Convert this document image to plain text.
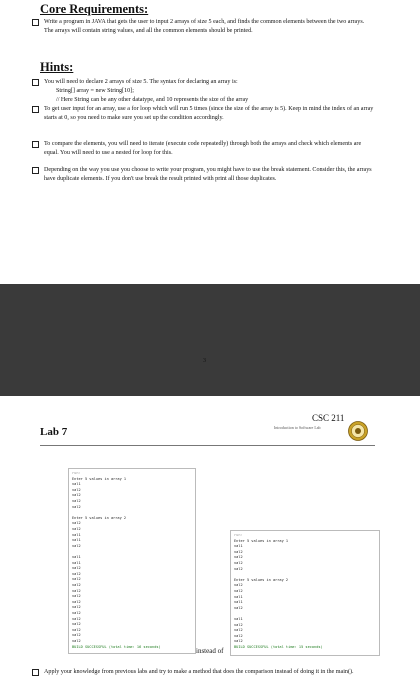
Core Requirements:
Write a program in JAVA that gets the user to input 2 arrays of size 5 each, and finds the common elements between the two arrays. The arrays will contain string values, and all the common elements should be printed.
Hints:
You will need to declare 2 arrays of size 5. The syntax for declaring an array is:
String[] array = new String[10];
// Here String can be any other datatype, and 10 represents the size of the array
To get user input for an array, use a for loop which will run 5 times (since the size of the array is 5). Keep in mind the index of an array starts at 0, so you need to make sure you set up the condition accordingly.
To compare the elements, you will need to iterate (execute code repeatedly) through both the arrays and check which elements are equal. You will need to use a nested for loop for this.
Depending on the way you use you choose to write your program, you might have to use the break statement. Consider this, the arrays have duplicate elements. If you don't use break the result printed with print all those duplicates.
3
Lab 7
CSC 211
Introduction to Software Lab
run:
Enter 5 values in array 1
val1
val2
val2
val2
val2
Enter 5 values in array 2
val2
val2
val1
val1
val2
val1
val1
val2
val2
val2
val2
val2
val2
val2
val2
val2
val2
val2
val2
val2
val2
BUILD SUCCESSFUL (total time: 16 seconds)
run:
Enter 5 values in array 1
val1
val2
val2
val2
val2
Enter 5 values in array 2
val2
val2
val1
val1
val2
val1
val2
val2
val2
val2
BUILD SUCCESSFUL (total time: 15 seconds)
instead of
Apply your knowledge from previous labs and try to make a method that does the comparison instead of doing it in the main().
